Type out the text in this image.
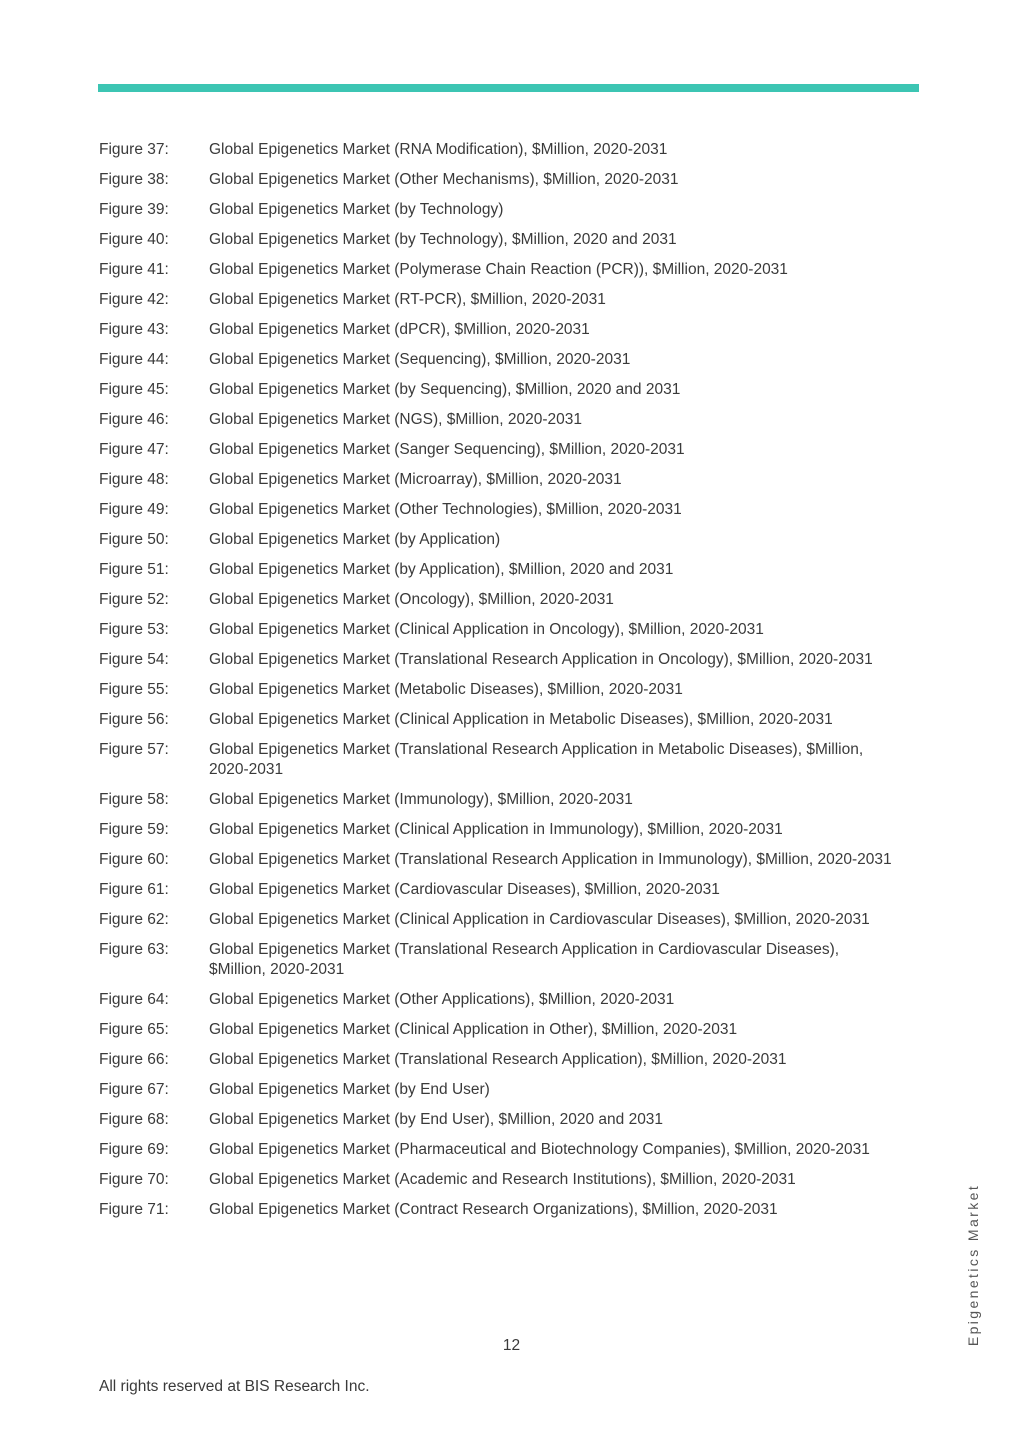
Figure 37:	Global Epigenetics Market (RNA Modification), $Million, 2020-2031
Figure 38:	Global Epigenetics Market (Other Mechanisms), $Million, 2020-2031
Figure 39:	Global Epigenetics Market (by Technology)
Figure 40:	Global Epigenetics Market (by Technology), $Million, 2020 and 2031
Figure 41:	Global Epigenetics Market (Polymerase Chain Reaction (PCR)), $Million, 2020-2031
Figure 42:	Global Epigenetics Market (RT-PCR), $Million, 2020-2031
Figure 43:	Global Epigenetics Market (dPCR), $Million, 2020-2031
Figure 44:	Global Epigenetics Market (Sequencing), $Million, 2020-2031
Figure 45:	Global Epigenetics Market (by Sequencing), $Million, 2020 and 2031
Figure 46:	Global Epigenetics Market (NGS), $Million, 2020-2031
Figure 47:	Global Epigenetics Market (Sanger Sequencing), $Million, 2020-2031
Figure 48:	Global Epigenetics Market (Microarray), $Million, 2020-2031
Figure 49:	Global Epigenetics Market (Other Technologies), $Million, 2020-2031
Figure 50:	Global Epigenetics Market (by Application)
Figure 51:	Global Epigenetics Market (by Application), $Million, 2020 and 2031
Figure 52:	Global Epigenetics Market (Oncology), $Million, 2020-2031
Figure 53:	Global Epigenetics Market (Clinical Application in Oncology), $Million, 2020-2031
Figure 54:	Global Epigenetics Market (Translational Research Application in Oncology), $Million, 2020-2031
Figure 55:	Global Epigenetics Market (Metabolic Diseases), $Million, 2020-2031
Figure 56:	Global Epigenetics Market (Clinical Application in Metabolic Diseases), $Million, 2020-2031
Figure 57:	Global Epigenetics Market (Translational Research Application in Metabolic Diseases), $Million, 2020-2031
Figure 58:	Global Epigenetics Market (Immunology), $Million, 2020-2031
Figure 59:	Global Epigenetics Market (Clinical Application in Immunology), $Million, 2020-2031
Figure 60:	Global Epigenetics Market (Translational Research Application in Immunology), $Million, 2020-2031
Figure 61:	Global Epigenetics Market (Cardiovascular Diseases), $Million, 2020-2031
Figure 62:	Global Epigenetics Market (Clinical Application in Cardiovascular Diseases), $Million, 2020-2031
Figure 63:	Global Epigenetics Market (Translational Research Application in Cardiovascular Diseases), $Million, 2020-2031
Figure 64:	Global Epigenetics Market (Other Applications), $Million, 2020-2031
Figure 65:	Global Epigenetics Market (Clinical Application in Other), $Million, 2020-2031
Figure 66:	Global Epigenetics Market (Translational Research Application), $Million, 2020-2031
Figure 67:	Global Epigenetics Market (by End User)
Figure 68:	Global Epigenetics Market (by End User), $Million, 2020 and 2031
Figure 69:	Global Epigenetics Market (Pharmaceutical and Biotechnology Companies), $Million, 2020-2031
Figure 70:	Global Epigenetics Market (Academic and Research Institutions), $Million, 2020-2031
Figure 71:	Global Epigenetics Market (Contract Research Organizations), $Million, 2020-2031
12
All rights reserved at BIS Research Inc.
Epigenetics Market
